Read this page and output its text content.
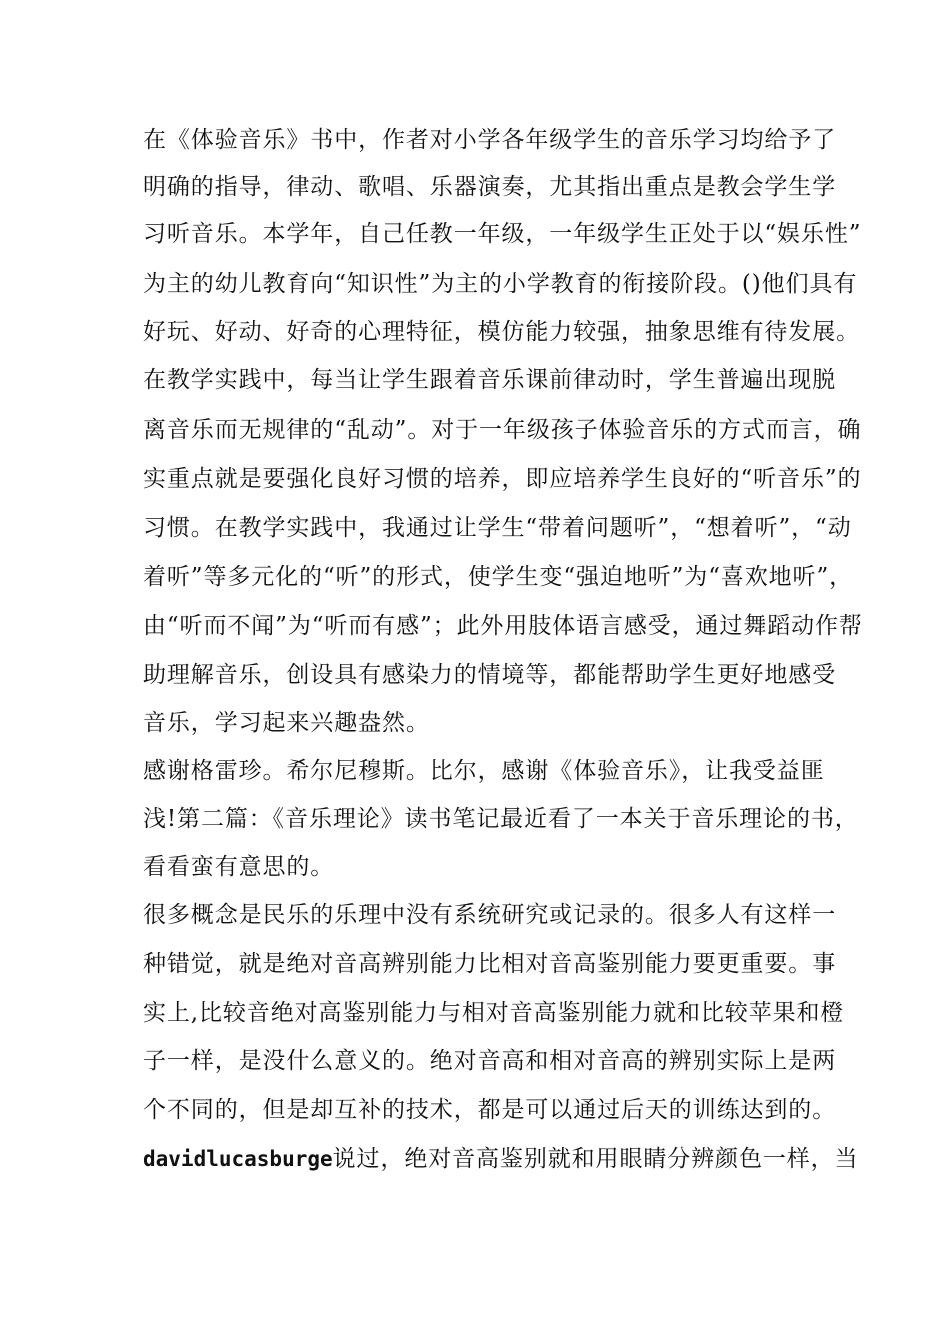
在《体验音乐》书中，作者对小学各年级学生的音乐学习均给予了
明确的指导，律动、歌唱、乐器演奏，尤其指出重点是教会学生学
习听音乐。本学年，自己任教一年级，一年级学生正处于以“娱乐性”
为主的幼儿教育向“知识性”为主的小学教育的衔接阶段。()他们具有
好玩、好动、好奇的心理特征，模仿能力较强，抽象思维有待发展。
在教学实践中，每当让学生跟着音乐课前律动时，学生普遍出现脱
离音乐而无规律的“乱动”。对于一年级孩子体验音乐的方式而言，确
实重点就是要强化良好习惯的培养，即应培养学生良好的“听音乐”的
习惯。在教学实践中，我通过让学生“带着问题听”，“想着听”，“动
着听”等多元化的“听”的形式，使学生变“强迫地听”为“喜欢地听”，
由“听而不闻”为“听而有感”；此外用肢体语言感受，通过舞蹈动作帮
助理解音乐，创设具有感染力的情境等，都能帮助学生更好地感受
音乐，学习起来兴趣盎然。
感谢格雷珍。希尔尼穆斯。比尔，感谢《体验音乐》，让我受益匪
浅!第二篇：《音乐理论》读书笔记最近看了一本关于音乐理论的书，
看看蛮有意思的。
很多概念是民乐的乐理中没有系统研究或记录的。很多人有这样一
种错觉，就是绝对音高辨别能力比相对音高鉴别能力要更重要。事
实上,比较音绝对高鉴别能力与相对音高鉴别能力就和比较苹果和橙
子一样，是没什么意义的。绝对音高和相对音高的辨别实际上是两
个不同的，但是却互补的技术，都是可以通过后天的训练达到的。
davidlucasburge说过，绝对音高鉴别就和用眼睛分辨颜色一样，当
